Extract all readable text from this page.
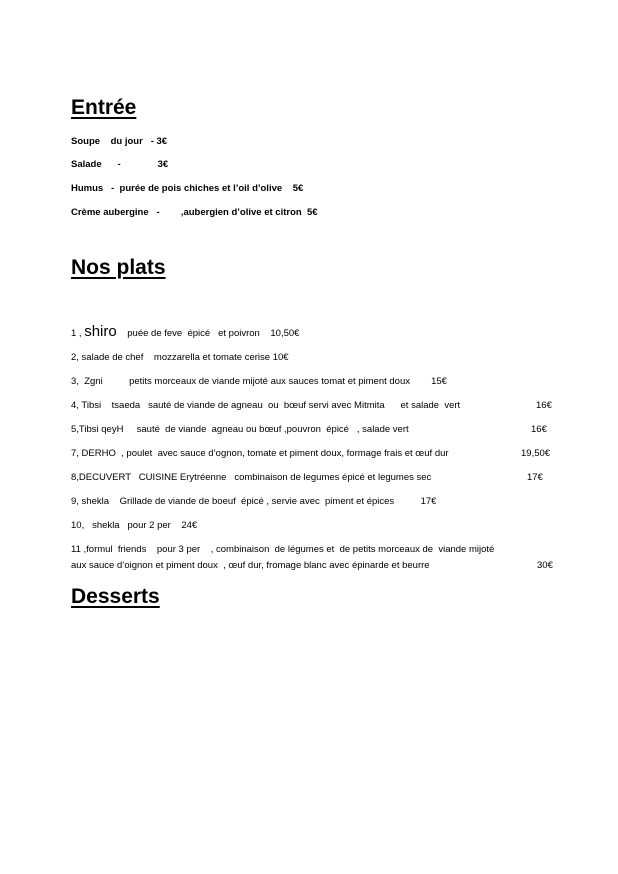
Entrée
Soupe    du jour   - 3€
Salade      -              3€
Humus   -  purée de pois chiches et l’oil d’olive    5€
Crème aubergine   -        ,aubergien d’olive et citron  5€
Nos plats
1 , shiro    puée de feve  épicé   et poivron    10,50€
2, salade de chef    mozzarella et tomate cerise 10€
3,  Zgni          petits morceaux de viande mijoté aux sauces tomat et piment doux        15€
4, Tibsi    tsaeda   sauté de viande de agneau  ou  bœuf servi avec Mitmita      et salade  vert	16€
5,Tibsi qeyH     sauté  de viande  agneau ou bœuf ,pouvron  épicé   , salade vert	16€
7, DERHO  , poulet  avec sauce d’ognon, tomate et piment doux, formage frais et œuf dur	19,50€
8,DECUVERT   CUISINE Erytréenne   combinaison de legumes épicé et legumes sec	17€
9, shekla    Grillade de viande de boeuf  épicé , servie avec  piment et épices          17€
10,   shekla   pour 2 per    24€
11 ,formul  friends    pour 3 per    , combinaison  de légumes et  de petits morceaux de  viande mijoté
aux sauce d’oignon et piment doux  , œuf dur, fromage blanc avec épinarde et beurre	30€
Desserts
